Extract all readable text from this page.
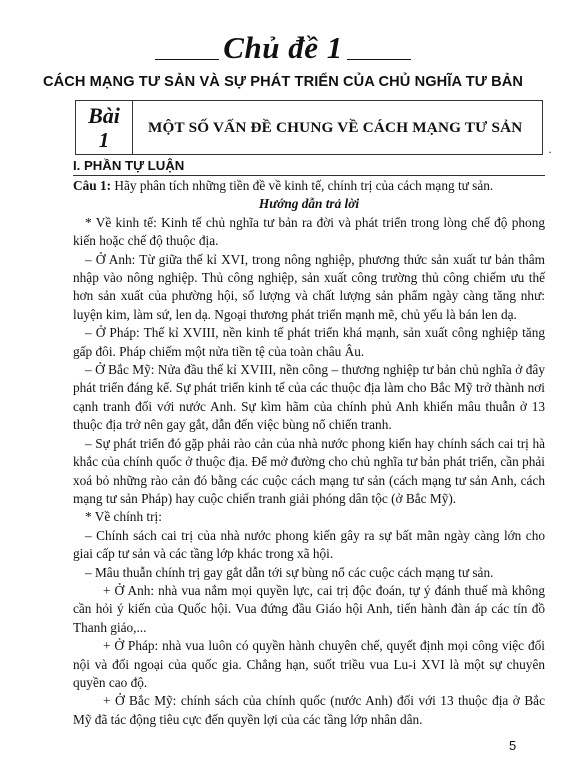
Chủ đề 1
CÁCH MẠNG TƯ SẢN VÀ SỰ PHÁT TRIỂN CỦA CHỦ NGHĨA TƯ BẢN
Bài
1
MỘT SỐ VẤN ĐỀ CHUNG VỀ CÁCH MẠNG TƯ SẢN
·
I. PHẦN TỰ LUẬN

Câu 1: Hãy phân tích những tiền đề về kinh tế, chính trị của cách mạng tư sản.

Hướng dẫn trả lời

* Về kinh tế: Kinh tế chủ nghĩa tư bản ra đời và phát triển trong lòng chế độ phong kiến hoặc chế độ thuộc địa.

– Ở Anh: Từ giữa thế kỉ XVI, trong nông nghiệp, phương thức sản xuất tư bản thâm nhập vào nông nghiệp. Thủ công nghiệp, sản xuất công trường thủ công chiếm ưu thế hơn sản xuất của phường hội, số lượng và chất lượng sản phẩm ngày càng tăng như: luyện kim, làm sứ, len dạ. Ngoại thương phát triển mạnh mẽ, chủ yếu là bán len dạ.

– Ở Pháp: Thế kỉ XVIII, nền kinh tế phát triển khá mạnh, sản xuất công nghiệp tăng gấp đôi. Pháp chiếm một nửa tiền tệ của toàn châu Âu.

– Ở Bắc Mỹ: Nửa đầu thế kỉ XVIII, nền công – thương nghiệp tư bản chủ nghĩa ở đây phát triển đáng kể. Sự phát triển kinh tế của các thuộc địa làm cho Bắc Mỹ trở thành nơi cạnh tranh đối với nước Anh. Sự kìm hãm của chính phủ Anh khiến mâu thuẫn ở 13 thuộc địa trở nên gay gắt, dẫn đến việc bùng nổ chiến tranh.

– Sự phát triển đó gặp phải rào cản của nhà nước phong kiến hay chính sách cai trị hà khắc của chính quốc ở thuộc địa. Để mở đường cho chủ nghĩa tư bản phát triển, cần phải xoá bỏ những rào cản đó bằng các cuộc cách mạng tư sản (cách mạng tư sản Anh, cách mạng tư sản Pháp) hay cuộc chiến tranh giải phóng dân tộc (ở Bắc Mỹ).

* Về chính trị:

– Chính sách cai trị của nhà nước phong kiến gây ra sự bất mãn ngày càng lớn cho giai cấp tư sản và các tầng lớp khác trong xã hội.

– Mâu thuẫn chính trị gay gắt dẫn tới sự bùng nổ các cuộc cách mạng tư sản.

+ Ở Anh: nhà vua nắm mọi quyền lực, cai trị độc đoán, tự ý đánh thuế mà không cần hỏi ý kiến của Quốc hội. Vua đứng đầu Giáo hội Anh, tiến hành đàn áp các tín đồ Thanh giáo,...

+ Ở Pháp: nhà vua luôn có quyền hành chuyên chế, quyết định mọi công việc đối nội và đối ngoại của quốc gia. Chẳng hạn, suốt triều vua Lu-i XVI là một sự chuyên quyền cao độ.

+ Ở Bắc Mỹ: chính sách của chính quốc (nước Anh) đối với 13 thuộc địa ở Bắc Mỹ đã tác động tiêu cực đến quyền lợi của các tầng lớp nhân dân.

5
